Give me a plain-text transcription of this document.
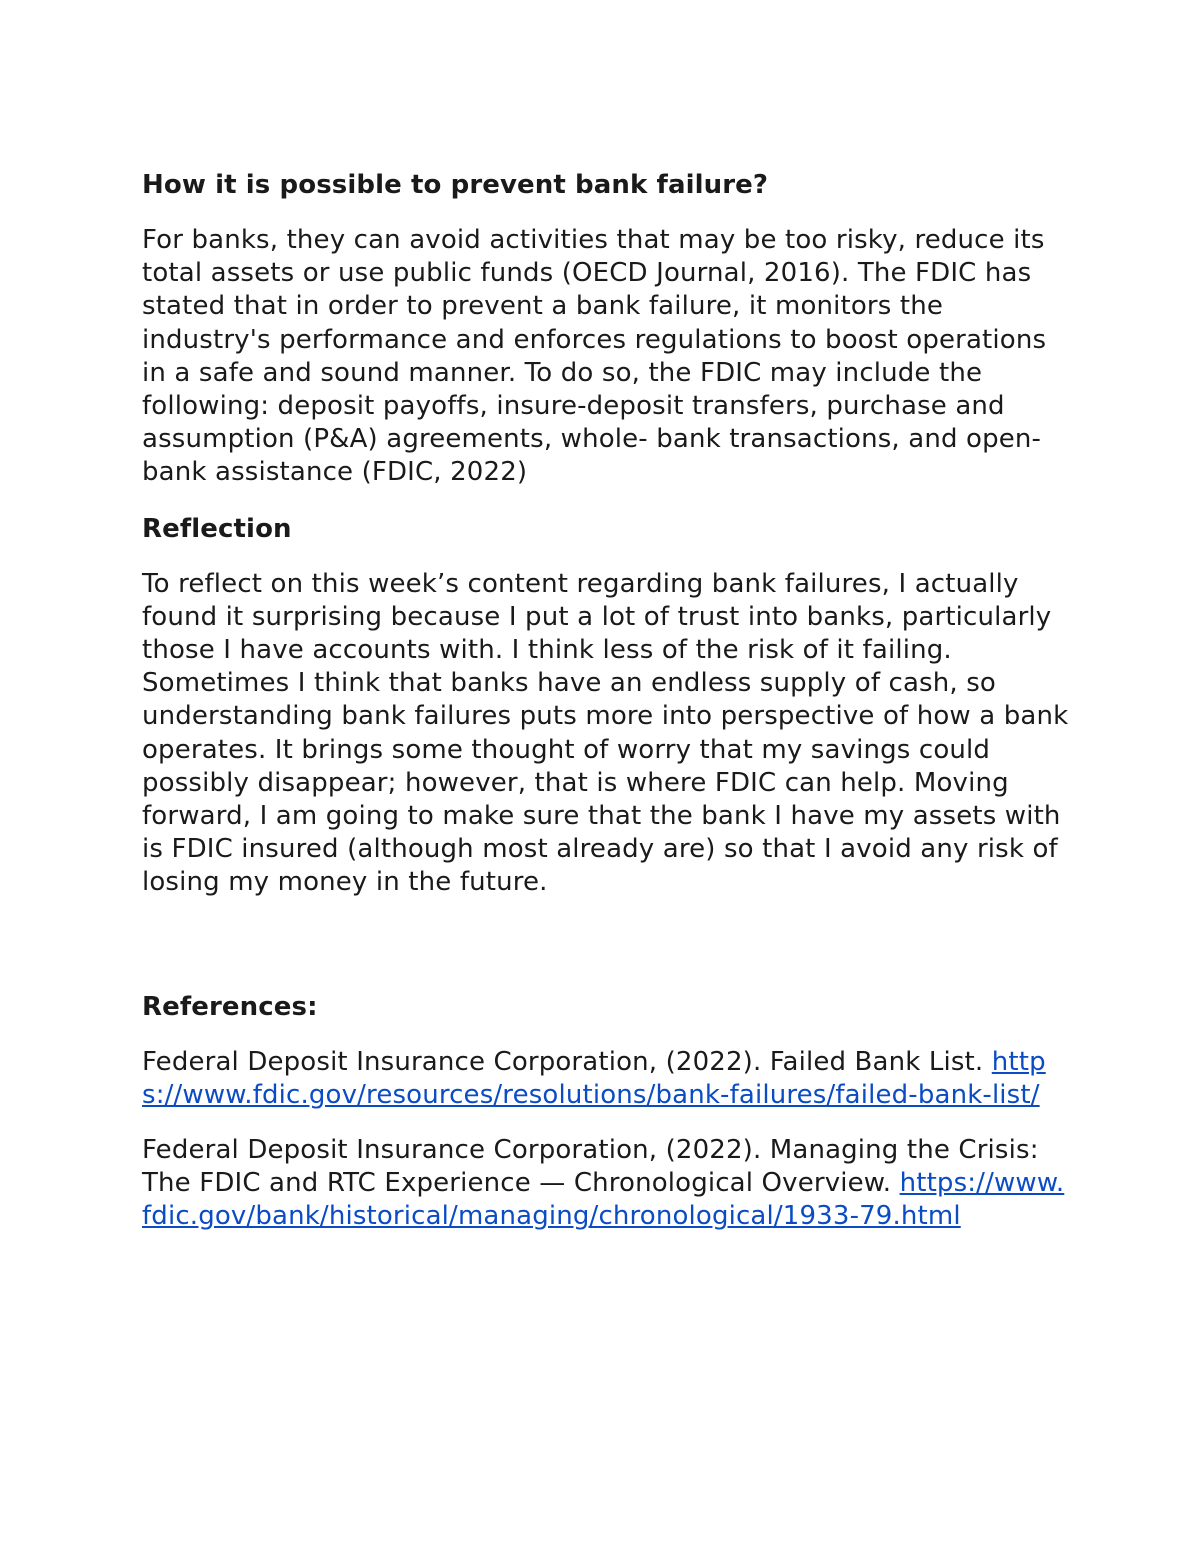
How it is possible to prevent bank failure?

For banks, they can avoid activities that may be too risky, reduce its total assets or use public funds (OECD Journal, 2016). The FDIC has stated that in order to prevent a bank failure, it monitors the industry's performance and enforces regulations to boost operations in a safe and sound manner. To do so, the FDIC may include the following: deposit payoffs, insure-deposit transfers, purchase and assumption (P&A) agreements, whole- bank transactions, and open-bank assistance (FDIC, 2022)

Reflection

To reflect on this week’s content regarding bank failures, I actually found it surprising because I put a lot of trust into banks, particularly those I have accounts with. I think less of the risk of it failing. Sometimes I think that banks have an endless supply of cash, so understanding bank failures puts more into perspective of how a bank operates. It brings some thought of worry that my savings could possibly disappear; however, that is where FDIC can help. Moving forward, I am going to make sure that the bank I have my assets with is FDIC insured (although most already are) so that I avoid any risk of losing my money in the future.

References:

Federal Deposit Insurance Corporation, (2022). Failed Bank List. https://www.fdic.gov/resources/resolutions/bank-failures/failed-bank-list/

Federal Deposit Insurance Corporation, (2022). Managing the Crisis: The FDIC and RTC Experience — Chronological Overview. https://www.fdic.gov/bank/historical/managing/chronological/1933-79.html
